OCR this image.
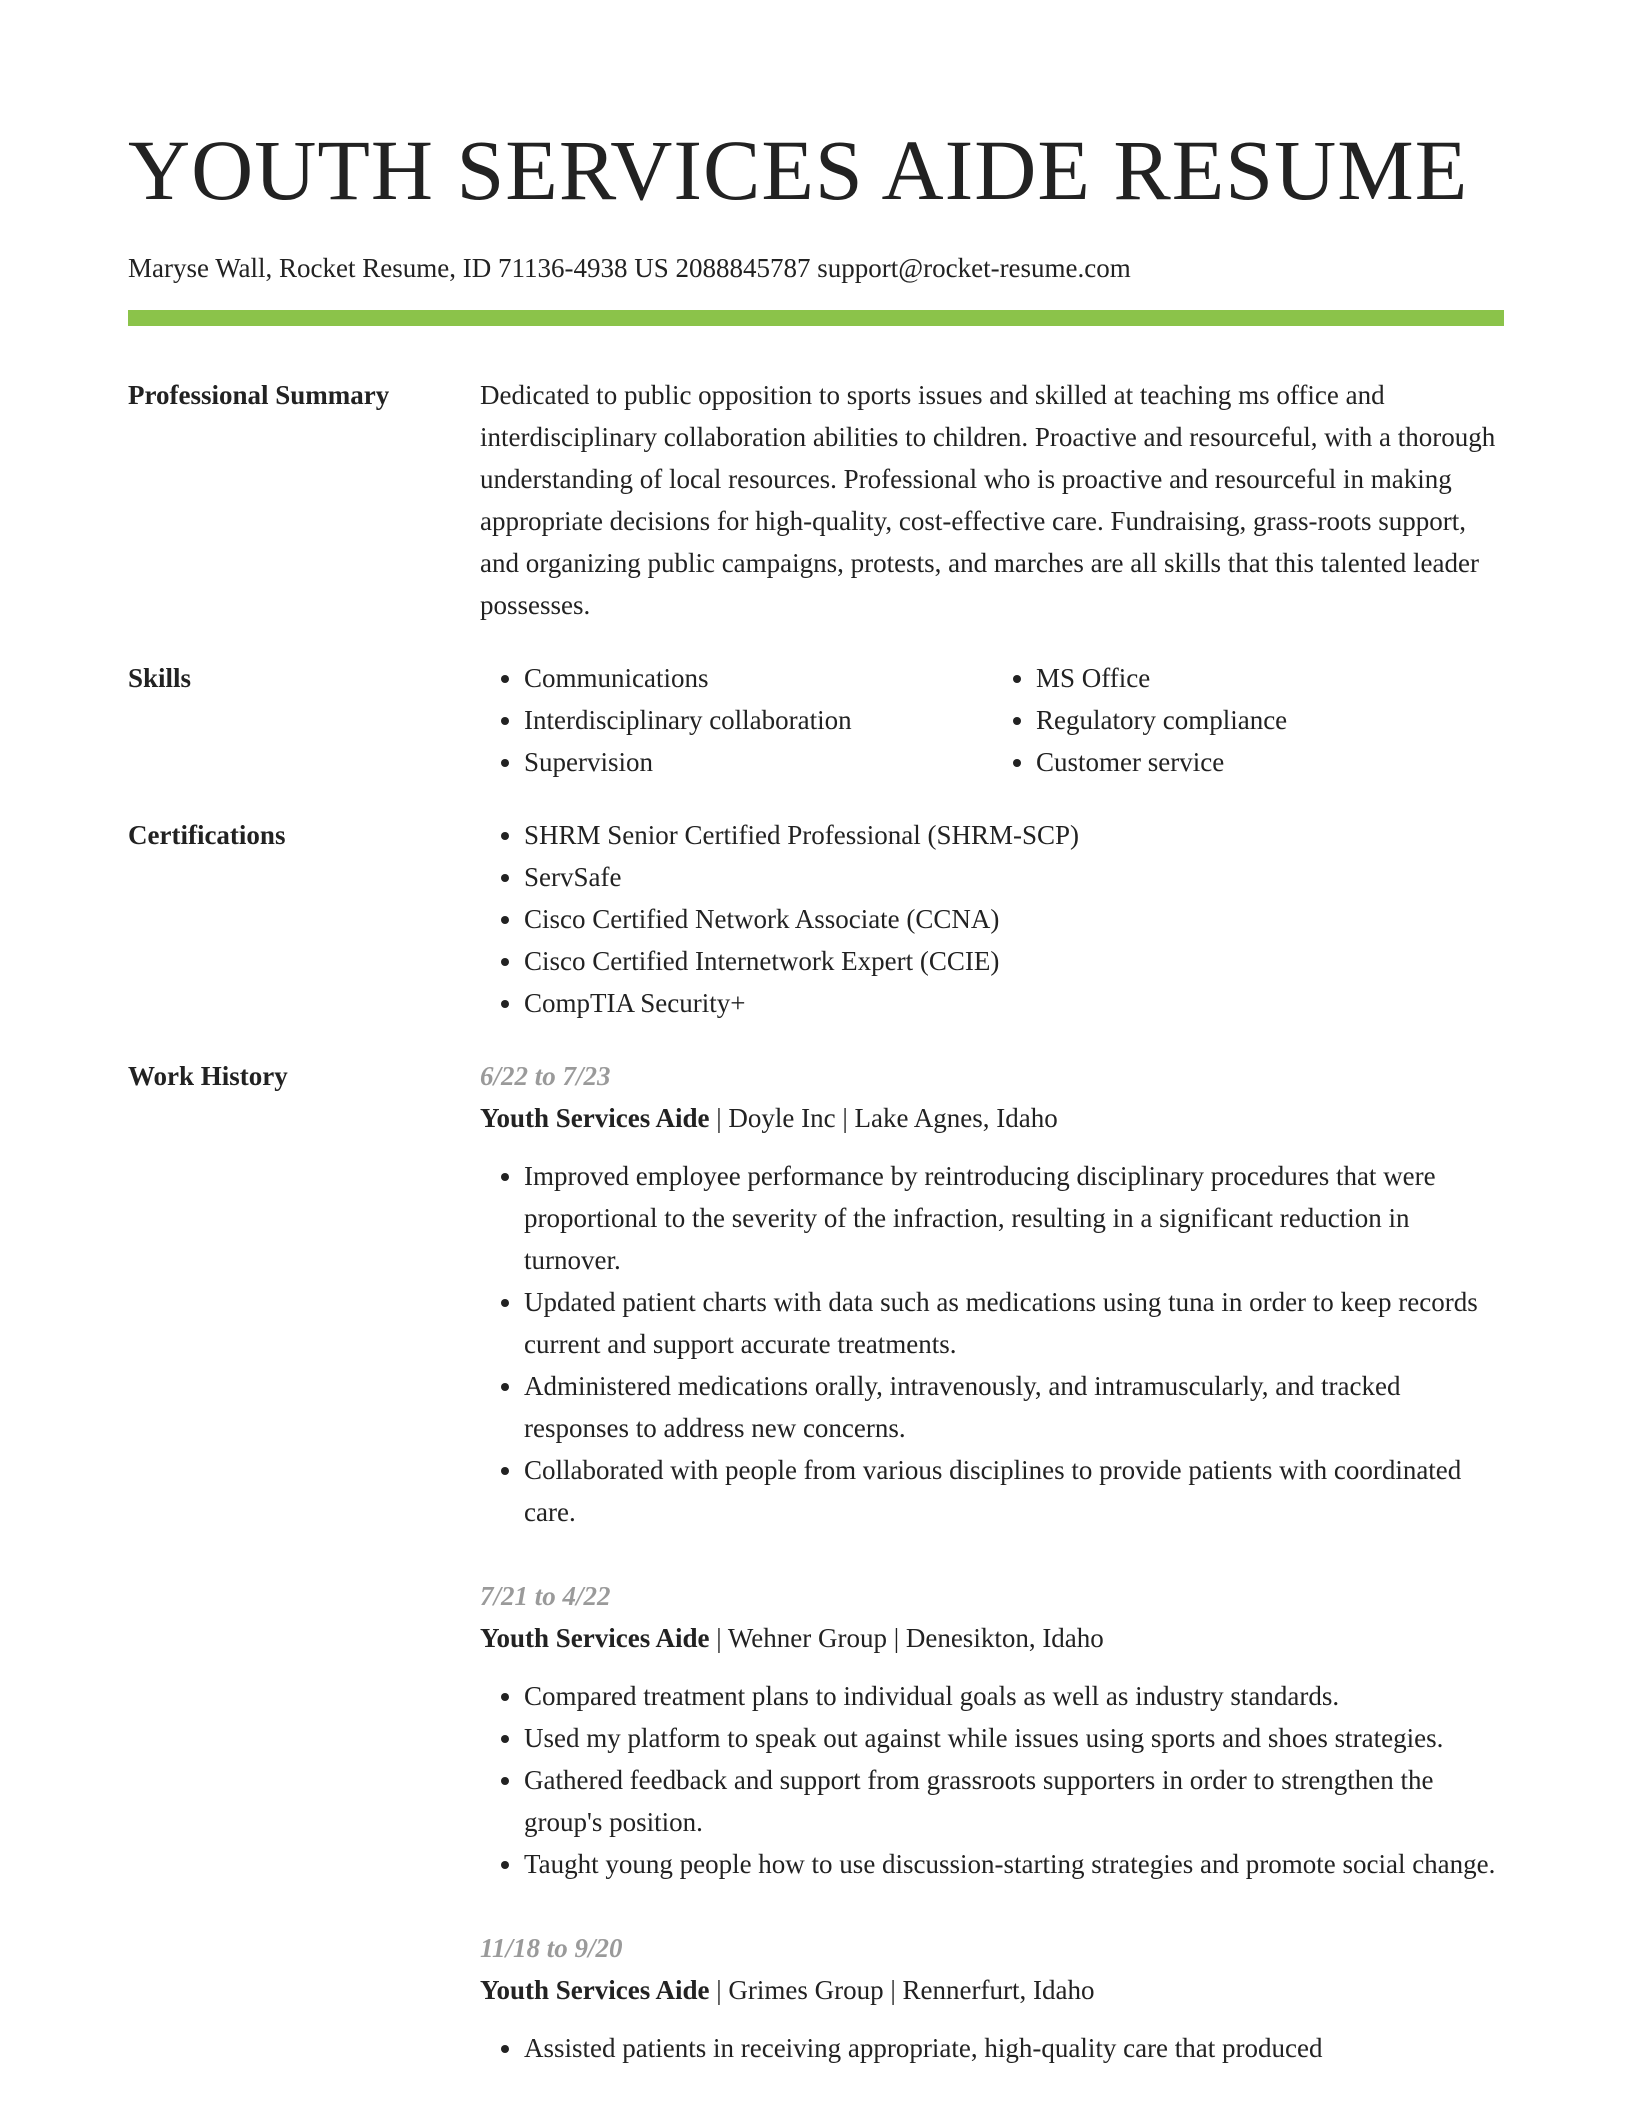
YOUTH SERVICES AIDE RESUME
Maryse Wall, Rocket Resume, ID 71136-4938 US 2088845787 support@rocket-resume.com
Professional Summary	Dedicated to public opposition to sports issues and skilled at teaching ms office and interdisciplinary collaboration abilities to children. Proactive and resourceful, with a thorough understanding of local resources. Professional who is proactive and resourceful in making appropriate decisions for high-quality, cost-effective care. Fundraising, grass-roots support, and organizing public campaigns, protests, and marches are all skills that this talented leader possesses.

Skills	• Communications
• Interdisciplinary collaboration
• Supervision
• MS Office
• Regulatory compliance
• Customer service
Certifications	• SHRM Senior Certified Professional (SHRM-SCP)
• ServSafe
• Cisco Certified Network Associate (CCNA)
• Cisco Certified Internetwork Expert (CCIE)
• CompTIA Security+
Work History	6/22 to 7/23
Youth Services Aide | Doyle Inc | Lake Agnes, Idaho
• Improved employee performance by reintroducing disciplinary procedures that were proportional to the severity of the infraction, resulting in a significant reduction in turnover.
• Updated patient charts with data such as medications using tuna in order to keep records current and support accurate treatments.
• Administered medications orally, intravenously, and intramuscularly, and tracked responses to address new concerns.
• Collaborated with people from various disciplines to provide patients with coordinated care.
7/21 to 4/22
Youth Services Aide | Wehner Group | Denesikton, Idaho
• Compared treatment plans to individual goals as well as industry standards.
• Used my platform to speak out against while issues using sports and shoes strategies.
• Gathered feedback and support from grassroots supporters in order to strengthen the group's position.
• Taught young people how to use discussion-starting strategies and promote social change.
11/18 to 9/20
Youth Services Aide | Grimes Group | Rennerfurt, Idaho
• Assisted patients in receiving appropriate, high-quality care that produced
